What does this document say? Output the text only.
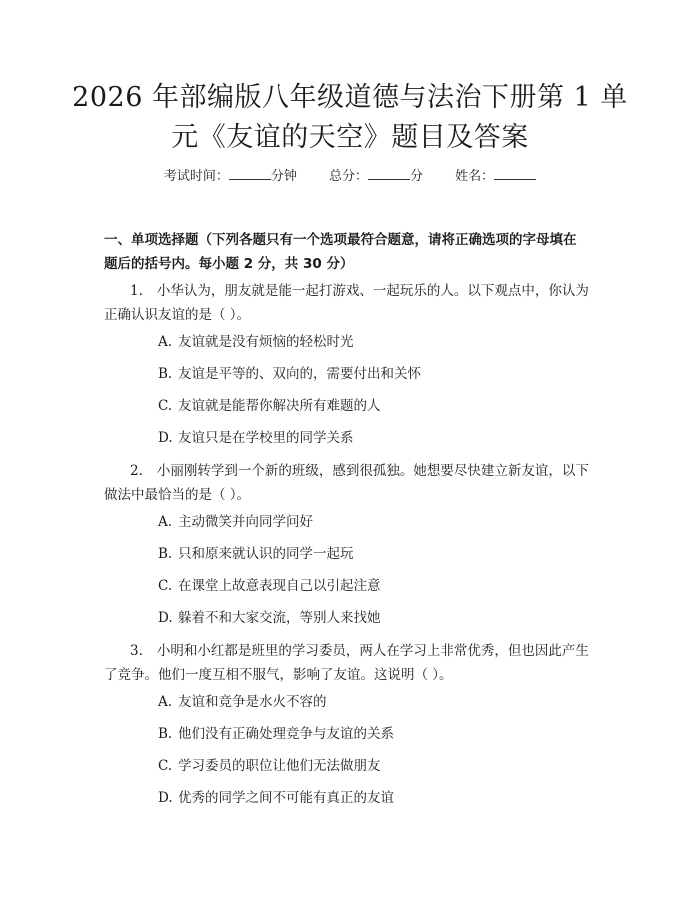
2026 年部编版八年级道德与法治下册第 1 单
元《友谊的天空》题目及答案
考试时间：	分钟 总分：	分 姓名：
一、单项选择题（下列各题只有一个选项最符合题意，请将正确选项的字母填在
题后的括号内。每小题 2 分，共 30 分）
1. 小华认为，朋友就是能一起打游戏、一起玩乐的人。以下观点中，你认为
正确认识友谊的是（ ）。
A. 友谊就是没有烦恼的轻松时光
B. 友谊是平等的、双向的，需要付出和关怀
C. 友谊就是能帮你解决所有难题的人
D. 友谊只是在学校里的同学关系
2. 小丽刚转学到一个新的班级，感到很孤独。她想要尽快建立新友谊，以下
做法中最恰当的是（ ）。
A. 主动微笑并向同学问好
B. 只和原来就认识的同学一起玩
C. 在课堂上故意表现自己以引起注意
D. 躲着不和大家交流，等别人来找她
3. 小明和小红都是班里的学习委员，两人在学习上非常优秀，但也因此产生
了竞争。他们一度互相不服气，影响了友谊。这说明（ ）。
A. 友谊和竞争是水火不容的
B. 他们没有正确处理竞争与友谊的关系
C. 学习委员的职位让他们无法做朋友
D. 优秀的同学之间不可能有真正的友谊
